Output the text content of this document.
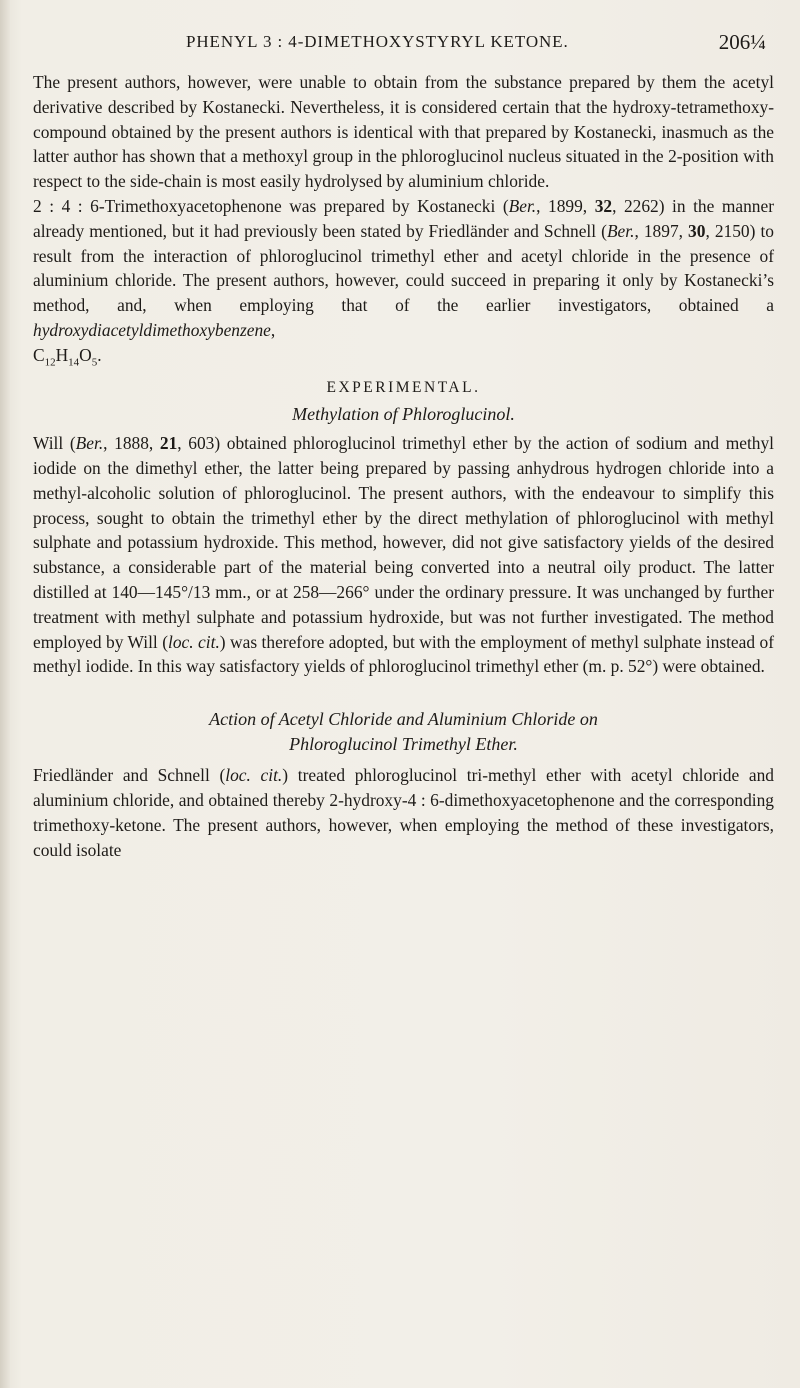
PHENYL 3 : 4-DIMETHOXYSTYRYL KETONE.	206¼

The present authors, however, were unable to obtain from the substance prepared by them the acetyl derivative described by Kostanecki. Nevertheless, it is considered certain that the hydroxy-tetramethoxy-compound obtained by the present authors is identical with that prepared by Kostanecki, inasmuch as the latter author has shown that a methoxyl group in the phloroglucinol nucleus situated in the 2-position with respect to the side-chain is most easily hydrolysed by aluminium chloride.

2 : 4 : 6-Trimethoxyacetophenone was prepared by Kostanecki (Ber., 1899, 32, 2262) in the manner already mentioned, but it had previously been stated by Friedländer and Schnell (Ber., 1897, 30, 2150) to result from the interaction of phloroglucinol trimethyl ether and acetyl chloride in the presence of aluminium chloride. The present authors, however, could succeed in preparing it only by Kostanecki’s method, and, when employing that of the earlier investigators, obtained a hydroxydiacetyldimethoxybenzene,

$C_{12}H_{14}O_5$.
EXPERIMENTAL.
Methylation of Phloroglucinol.

Will (Ber., 1888, 21, 603) obtained phloroglucinol trimethyl ether by the action of sodium and methyl iodide on the dimethyl ether, the latter being prepared by passing anhydrous hydrogen chloride into a methyl-alcoholic solution of phloroglucinol. The present authors, with the endeavour to simplify this process, sought to obtain the trimethyl ether by the direct methylation of phloroglucinol with methyl sulphate and potassium hydroxide. This method, however, did not give satisfactory yields of the desired substance, a considerable part of the material being converted into a neutral oily product. The latter distilled at 140—145°/13 mm., or at 258—266° under the ordinary pressure. It was unchanged by further treatment with methyl sulphate and potassium hydroxide, but was not further investigated. The method employed by Will (loc. cit.) was therefore adopted, but with the employment of methyl sulphate instead of methyl iodide. In this way satisfactory yields of phloroglucinol trimethyl ether (m. p. 52°) were obtained.

Action of Acetyl Chloride and Aluminium Chloride on
Phloroglucinol Trimethyl Ether.

Friedländer and Schnell (loc. cit.) treated phloroglucinol tri-methyl ether with acetyl chloride and aluminium chloride, and obtained thereby 2-hydroxy-4 : 6-dimethoxyacetophenone and the corresponding trimethoxy-ketone. The present authors, however, when employing the method of these investigators, could isolate
